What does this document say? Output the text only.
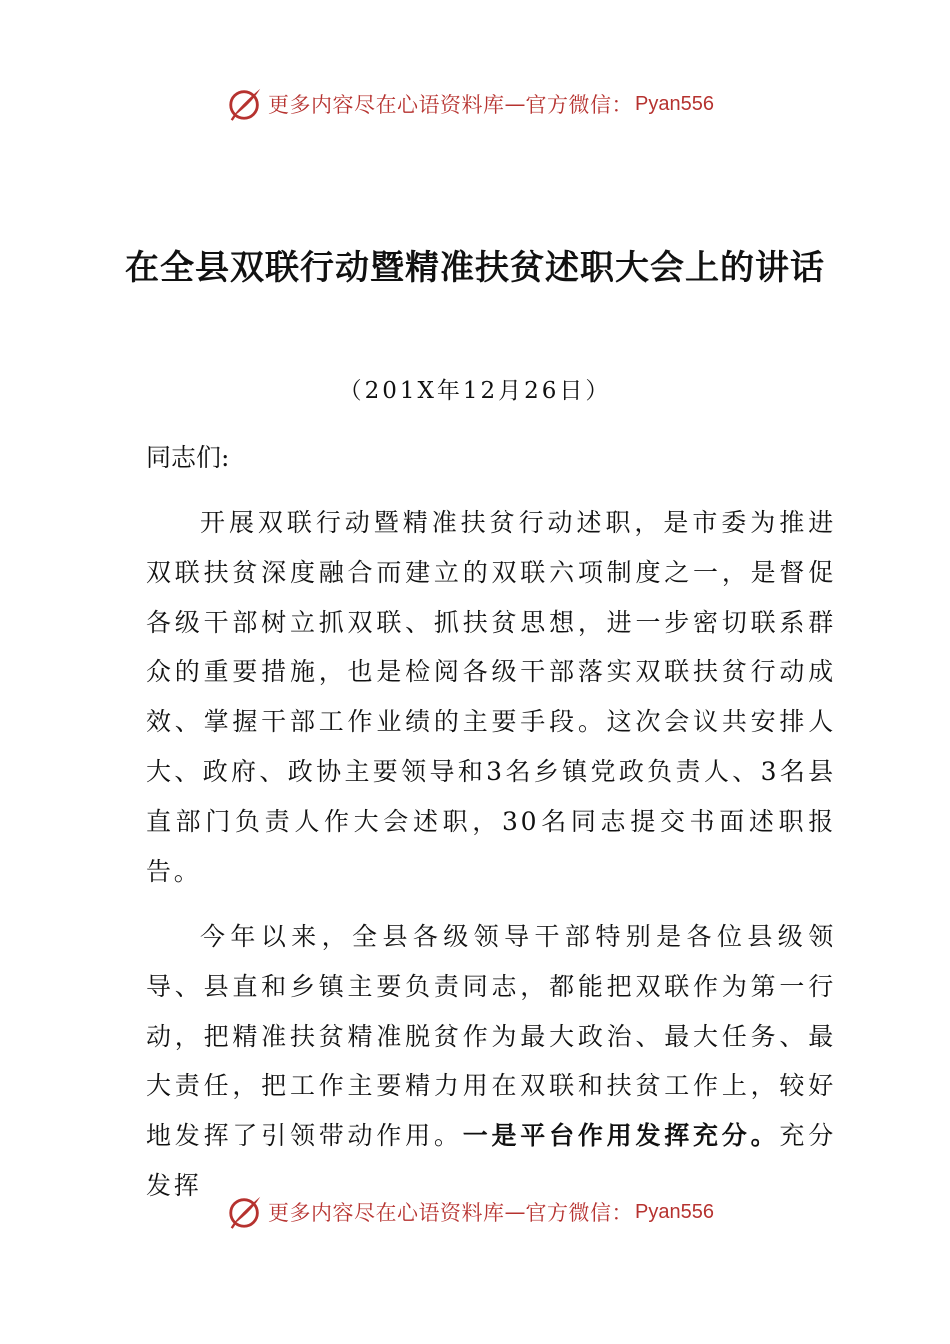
更多内容尽在心语资料库 — 官方微信： Pyan556
在全县双联行动暨精准扶贫述职大会上的讲话
（201X年12月26日）
同志们:

开展双联行动暨精准扶贫行动述职，是市委为推进双联扶贫深度融合而建立的双联六项制度之一，是督促各级干部树立抓双联、抓扶贫思想，进一步密切联系群众的重要措施，也是检阅各级干部落实双联扶贫行动成效、掌握干部工作业绩的主要手段。这次会议共安排人大、政府、政协主要领导和3名乡镇党政负责人、3名县直部门负责人作大会述职，30名同志提交书面述职报告。

今年以来，全县各级领导干部特别是各位县级领导、县直和乡镇主要负责同志，都能把双联作为第一行动，把精准扶贫精准脱贫作为最大政治、最大任务、最大责任，把工作主要精力用在双联和扶贫工作上，较好地发挥了引领带动作用。一是平台作用发挥充分。充分发挥

更多内容尽在心语资料库 — 官方微信： Pyan556
